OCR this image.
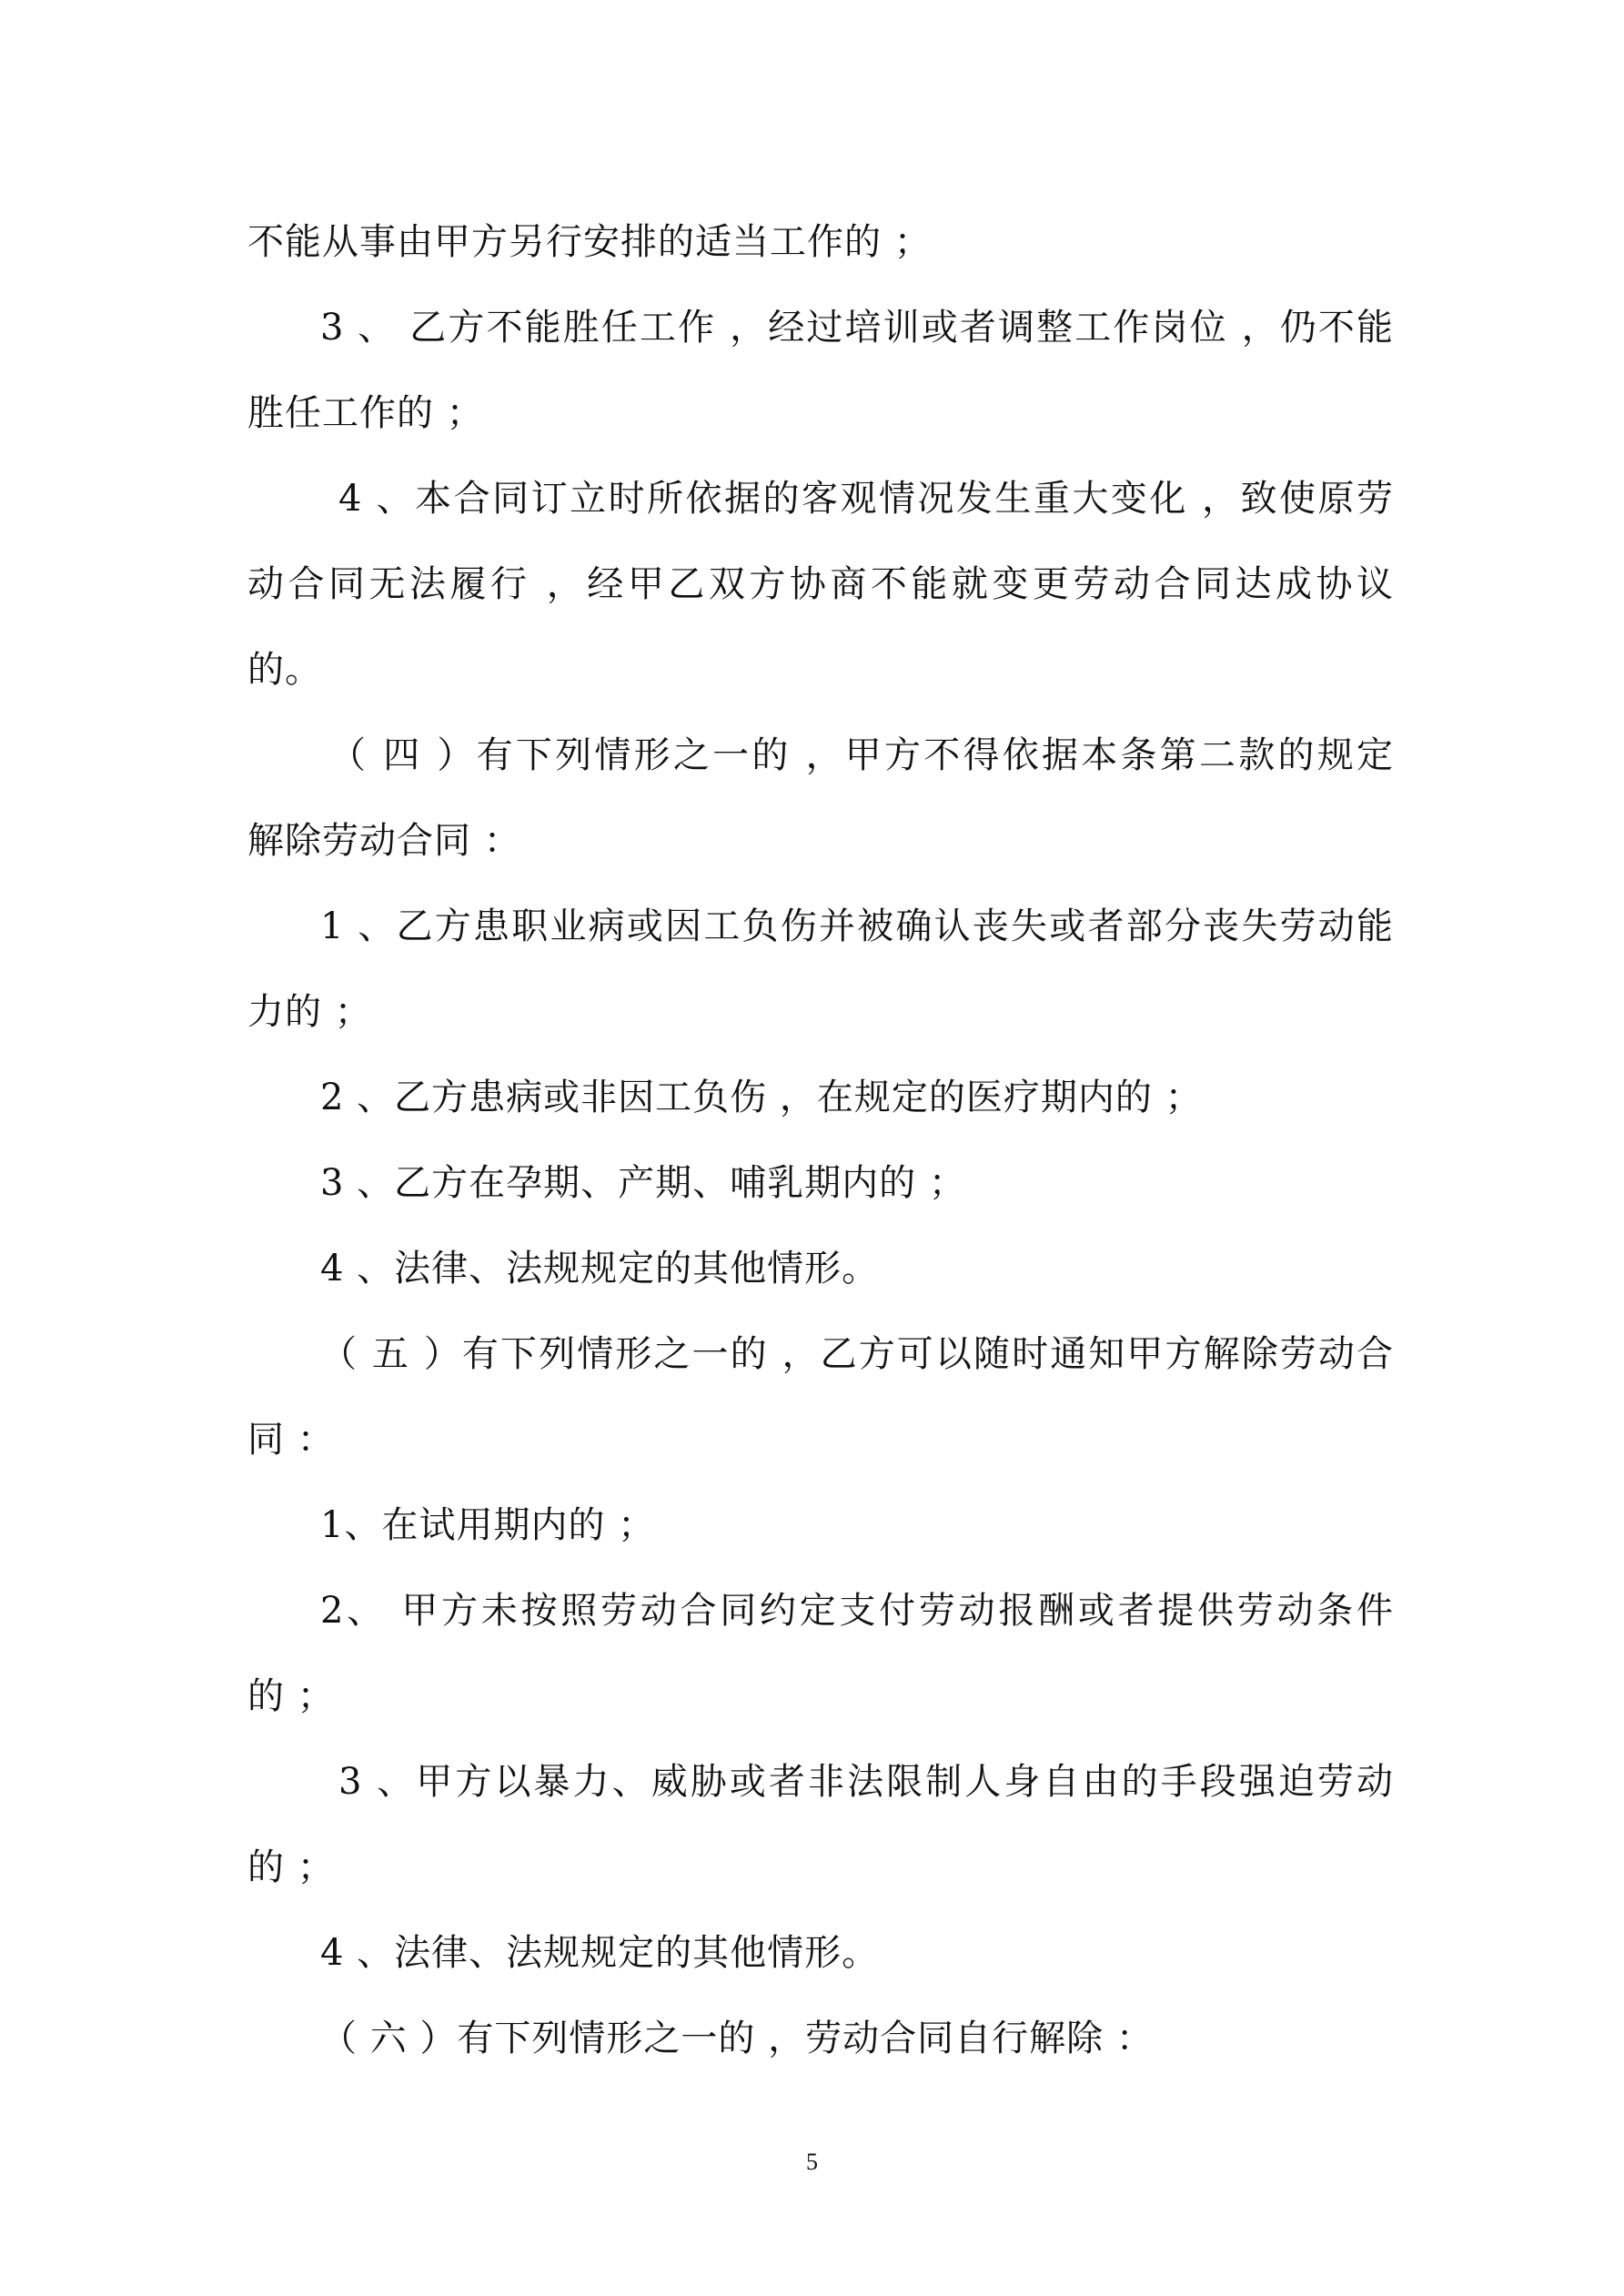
不能从事由甲方另行安排的适当工作的 ；
3 、 乙方不能胜任工作 ，经过培训或者调整工作岗位 ，仍不能
胜任工作的 ；
4 、本合同订立时所依据的客观情况发生重大变化 ，致使原劳
动合同无法履行 ，经甲乙双方协商不能就变更劳动合同达成协议
的。
（ 四 ）有下列情形之一的 ，甲方不得依据本条第二款的规定
解除劳动合同 ：
1 、乙方患职业病或因工负伤并被确认丧失或者部分丧失劳动能
力的 ；
2 、乙方患病或非因工负伤 ，在规定的医疗期内的 ；
3 、乙方在孕期、产期、哺乳期内的 ；
4 、法律、法规规定的其他情形。
（ 五 ）有下列情形之一的 ，乙方可以随时通知甲方解除劳动合
同 ：
1、在试用期内的 ；
2、 甲方未按照劳动合同约定支付劳动报酬或者提供劳动条件
的 ；
3 、甲方以暴力、威胁或者非法限制人身自由的手段强迫劳动
的 ；
4 、法律、法规规定的其他情形。
（ 六 ）有下列情形之一的 ，劳动合同自行解除 ：
5
